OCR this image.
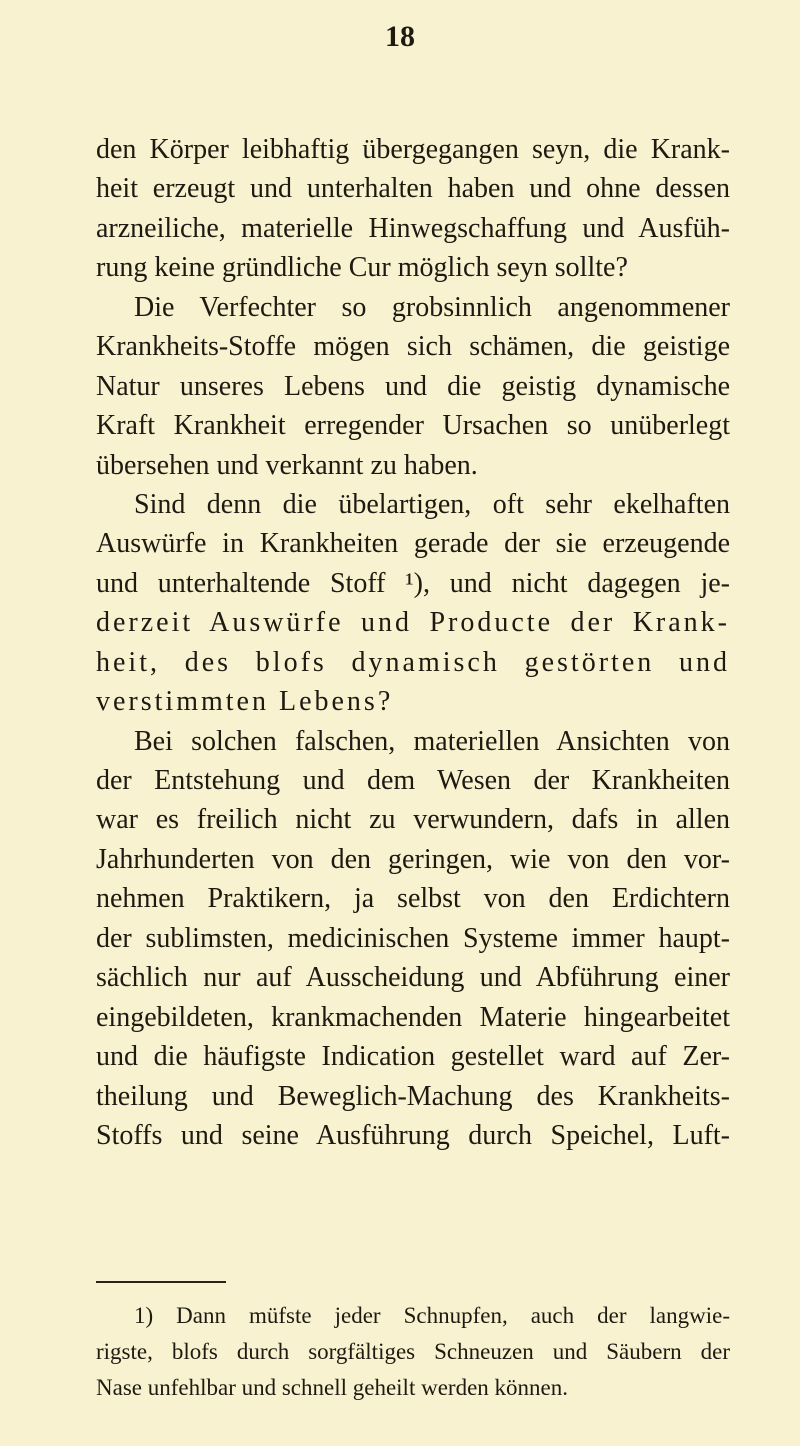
18
den Körper leibhaftig übergegangen seyn, die Krank-
heit erzeugt und unterhalten haben und ohne dessen
arzneiliche, materielle Hinwegschaffung und Ausfüh-
rung keine gründliche Cur möglich seyn sollte?
Die Verfechter so grobsinnlich angenommener
Krankheits-Stoffe mögen sich schämen, die geistige
Natur unseres Lebens und die geistig dynamische
Kraft Krankheit erregender Ursachen so unüberlegt
übersehen und verkannt zu haben.
Sind denn die übelartigen, oft sehr ekelhaften
Auswürfe in Krankheiten gerade der sie erzeugende
und unterhaltende Stoff ¹), und nicht dagegen je-
derzeit Auswürfe und Producte der Krank-
heit, des blofs dynamisch gestörten und
verstimmten Lebens?
Bei solchen falschen, materiellen Ansichten von
der Entstehung und dem Wesen der Krankheiten
war es freilich nicht zu verwundern, dafs in allen
Jahrhunderten von den geringen, wie von den vor-
nehmen Praktikern, ja selbst von den Erdichtern
der sublimsten, medicinischen Systeme immer haupt-
sächlich nur auf Ausscheidung und Abführung einer
eingebildeten, krankmachenden Materie hingearbeitet
und die häufigste Indication gestellet ward auf Zer-
theilung und Beweglich-Machung des Krankheits-
Stoffs und seine Ausführung durch Speichel, Luft-
1) Dann müfste jeder Schnupfen, auch der langwie-
rigste, blofs durch sorgfältiges Schneuzen und Säubern der
Nase unfehlbar und schnell geheilt werden können.
